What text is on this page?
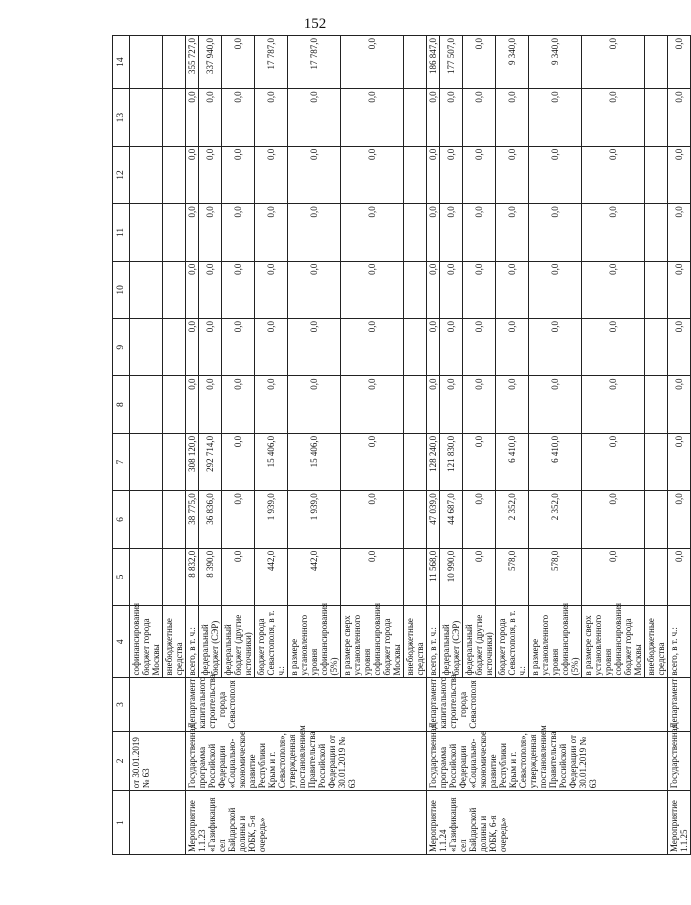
152
1	2	3	4	5	6	7	8	9	10	11	12	13	14
	от 30.01.2019 № 63		софинансирования бюджет города Москвы										
			внебюджетные средства										
Мероприятие 1.1.23 «Газификация сел Байдарской долины и ЮБК, 5-я очередь»	Государственная программа Российской Федерации «Социально-экономическое развитие Республики Крым и г. Севастополя», утвержденная постановлением Правительства Российской Федерации от 30.01.2019 № 63	Департамент капитального строительства города Севастополя	всего, в т. ч.:	8 832,0	38 775,0	308 120,0	0,0	0,0	0,0	0,0	0,0	0,0	355 727,0
			федеральный бюджет (СЭР)	8 390,0	36 836,0	292 714,0	0,0	0,0	0,0	0,0	0,0	0,0	337 940,0
			федеральный бюджет (другие источники)	0,0	0,0	0,0	0,0	0,0	0,0	0,0	0,0	0,0	0,0
			бюджет города Севастополя, в т. ч.:	442,0	1 939,0	15 406,0	0,0	0,0	0,0	0,0	0,0	0,0	17 787,0
			в размере установленного уровня софинансирования (5%)	442,0	1 939,0	15 406,0	0,0	0,0	0,0	0,0	0,0	0,0	17 787,0
			в размере сверх установленного уровня софинансирования бюджет города Москвы	0,0	0,0	0,0	0,0	0,0	0,0	0,0	0,0	0,0	0,0
			внебюджетные средства										
Мероприятие 1.1.24 «Газификация сел Байдарской долины и ЮБК, 6-я очередь»	Государственная программа Российской Федерации «Социально-экономическое развитие Республики Крым и г. Севастополя», утвержденная постановлением Правительства Российской Федерации от 30.01.2019 № 63	Департамент капитального строительства города Севастополя	всего, в т. ч.:	11 568,0	47 039,0	128 240,0	0,0	0,0	0,0	0,0	0,0	0,0	186 847,0
			федеральный бюджет (СЭР)	10 990,0	44 687,0	121 830,0	0,0	0,0	0,0	0,0	0,0	0,0	177 507,0
			федеральный бюджет (другие источники)	0,0	0,0	0,0	0,0	0,0	0,0	0,0	0,0	0,0	0,0
			бюджет города Севастополя, в т. ч.:	578,0	2 352,0	6 410,0	0,0	0,0	0,0	0,0	0,0	0,0	9 340,0
			в размере установленного уровня софинансирования (5%)	578,0	2 352,0	6 410,0	0,0	0,0	0,0	0,0	0,0	0,0	9 340,0
			в размере сверх установленного уровня софинансирования бюджет города Москвы	0,0	0,0	0,0	0,0	0,0	0,0	0,0	0,0	0,0	0,0
			внебюджетные средства										
Мероприятие 1.1.25	Государственная	Департамент	всего, в т. ч.:	0,0	0,0	0,0	0,0	0,0	0,0	0,0	0,0	0,0	0,0
